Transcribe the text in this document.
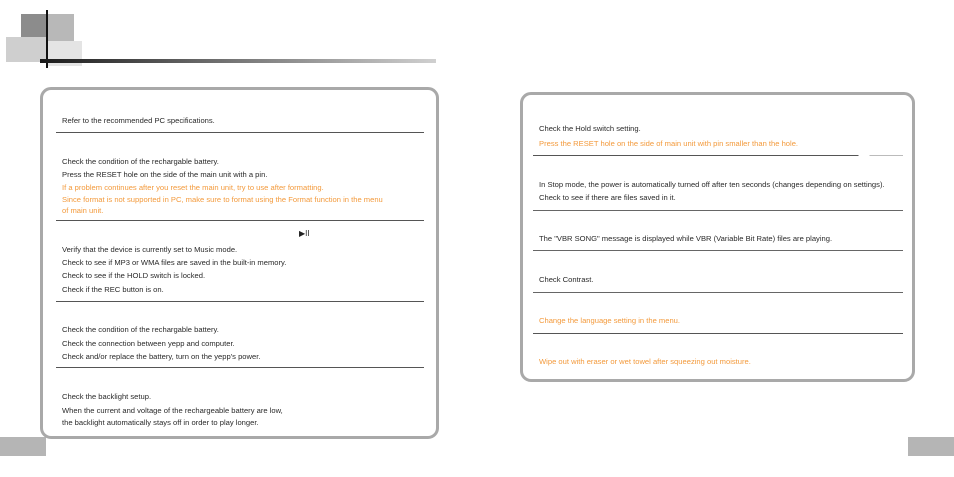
Refer to the recommended PC specifications.

Check the condition of the rechargable battery.

Press the RESET hole on the side of the main unit with a pin.

If a problem continues after you reset the main unit, try to use after formatting.

Since format is not supported in PC, make sure to format using the Format function in the menu

of main unit.

▶II

Verify that the device is currently set to Music mode.

Check to see if MP3 or WMA files are saved in the built-in memory.

Check to see if the HOLD switch is locked.

Check if the REC button is on.

Check the condition of the rechargable battery.

Check the connection between yepp and computer.

Check and/or replace the battery, turn on the yepp's power.

Check the backlight setup.

When the current and voltage of the rechargeable battery are low,

the backlight automatically stays off in order to play longer.

Check the Hold switch setting.

Press the RESET hole on the side of main unit with pin smaller than the hole.

In Stop mode, the power is automatically turned off after ten seconds (changes depending on settings).

Check to see if there are files saved in it.

The "VBR SONG" message is displayed while VBR (Variable Bit Rate) files are playing.

Check Contrast.

Change the language setting in the menu.

Wipe out with eraser or wet towel after squeezing out moisture.
